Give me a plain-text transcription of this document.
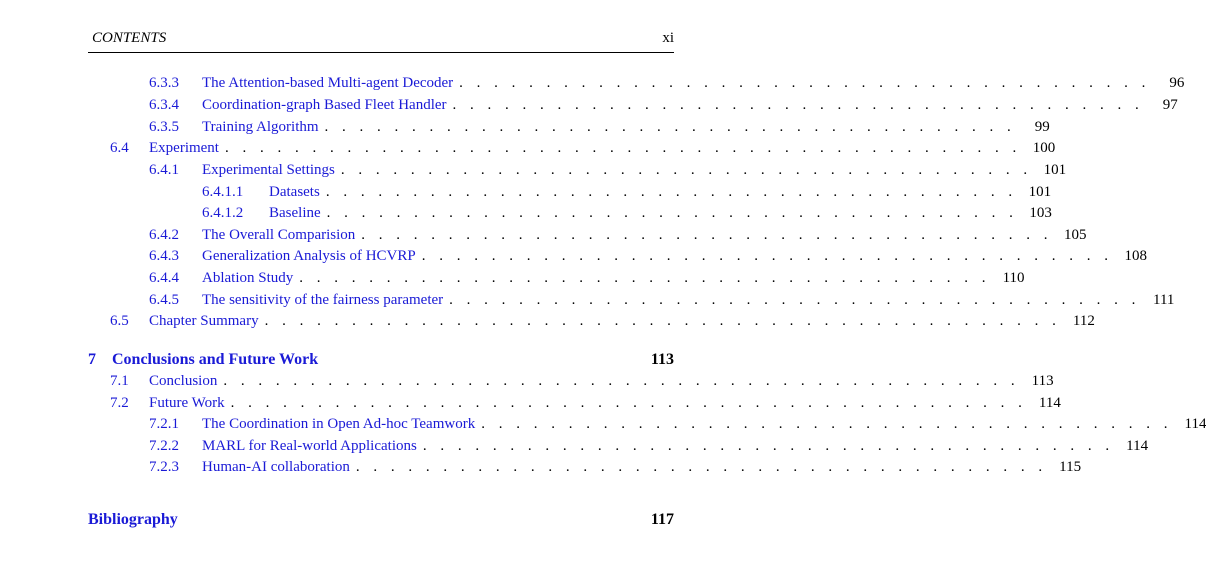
CONTENTS	xi
6.3.3	The Attention-based Multi-agent Decoder . . . . . . . . . . . . . . . . . . . . . . . . . . . . . . . . . . . . . . . .	96
6.3.4	Coordination-graph Based Fleet Handler . . . . . . . . . . . . . . . . . . . . . . . . . . . . . . . . . . . . . . . .	97
6.3.5	Training Algorithm . . . . . . . . . . . . . . . . . . . . . . . . . . . . . . . . . . . . . . . .	99
6.4	Experiment . . . . . . . . . . . . . . . . . . . . . . . . . . . . . . . . . . . . . . . . . . . . . . 100
6.4.1	Experimental Settings . . . . . . . . . . . . . . . . . . . . . . . . . . . . . . . . . . . . . . . . 101
6.4.1.1	Datasets . . . . . . . . . . . . . . . . . . . . . . . . . . . . . . . . . . . . . . . . 101
6.4.1.2	Baseline . . . . . . . . . . . . . . . . . . . . . . . . . . . . . . . . . . . . . . . . 103
6.4.2	The Overall Comparision . . . . . . . . . . . . . . . . . . . . . . . . . . . . . . . . . . . . . . . . 105
6.4.3	Generalization Analysis of HCVRP . . . . . . . . . . . . . . . . . . . . . . . . . . . . . . . . . . . . . . . . 108
6.4.4	Ablation Study . . . . . . . . . . . . . . . . . . . . . . . . . . . . . . . . . . . . . . . . 110
6.4.5	The sensitivity of the fairness parameter . . . . . . . . . . . . . . . . . . . . . . . . . . . . . . . . . . . . . . . . 111
6.5	Chapter Summary . . . . . . . . . . . . . . . . . . . . . . . . . . . . . . . . . . . . . . . . . . . . . . 112
7	Conclusions and Future Work	113
7.1	Conclusion . . . . . . . . . . . . . . . . . . . . . . . . . . . . . . . . . . . . . . . . . . . . . . 113
7.2	Future Work . . . . . . . . . . . . . . . . . . . . . . . . . . . . . . . . . . . . . . . . . . . . . . 114
7.2.1	The Coordination in Open Ad-hoc Teamwork . . . . . . . . . . . . . . . . . . . . . . . . . . . . . . . . . . . . . . . . 114
7.2.2	MARL for Real-world Applications . . . . . . . . . . . . . . . . . . . . . . . . . . . . . . . . . . . . . . . . 114
7.2.3	Human-AI collaboration . . . . . . . . . . . . . . . . . . . . . . . . . . . . . . . . . . . . . . . . 115
Bibliography	117
